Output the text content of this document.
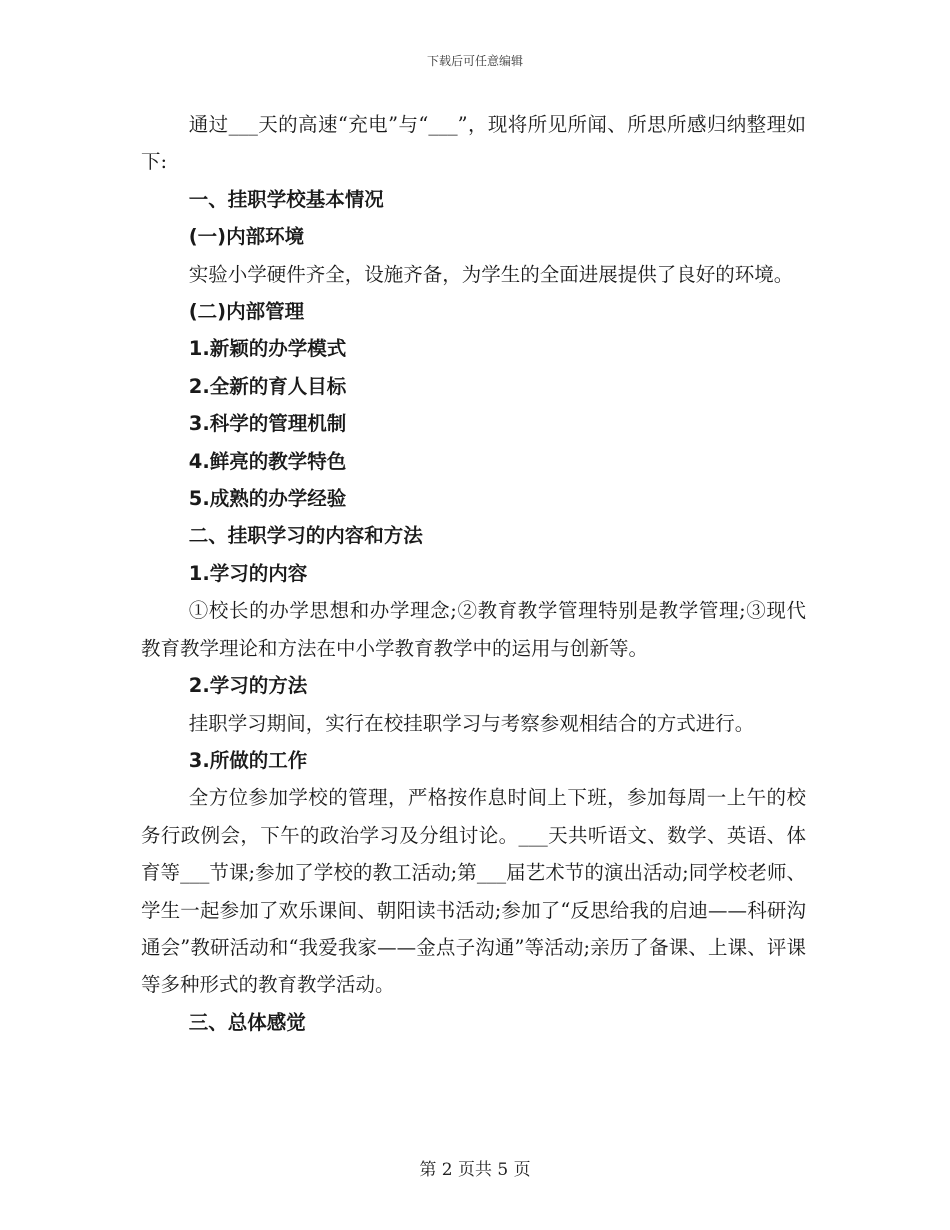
下载后可任意编辑

通过___天的高速“充电”与“___”，现将所见所闻、所思所感归纳整理如下:

一、挂职学校基本情况

(一)内部环境

实验小学硬件齐全，设施齐备，为学生的全面进展提供了良好的环境。

(二)内部管理

1.新颖的办学模式

2.全新的育人目标

3.科学的管理机制

4.鲜亮的教学特色

5.成熟的办学经验

二、挂职学习的内容和方法

1.学习的内容

①校长的办学思想和办学理念;②教育教学管理特别是教学管理;③现代教育教学理论和方法在中小学教育教学中的运用与创新等。

2.学习的方法

挂职学习期间，实行在校挂职学习与考察参观相结合的方式进行。

3.所做的工作

全方位参加学校的管理，严格按作息时间上下班，参加每周一上午的校务行政例会，下午的政治学习及分组讨论。___天共听语文、数学、英语、体育等___节课;参加了学校的教工活动;第___届艺术节的演出活动;同学校老师、学生一起参加了欢乐课间、朝阳读书活动;参加了“反思给我的启迪——科研沟通会”教研活动和“我爱我家——金点子沟通”等活动;亲历了备课、上课、评课等多种形式的教育教学活动。

三、总体感觉

第 2 页共 5 页
